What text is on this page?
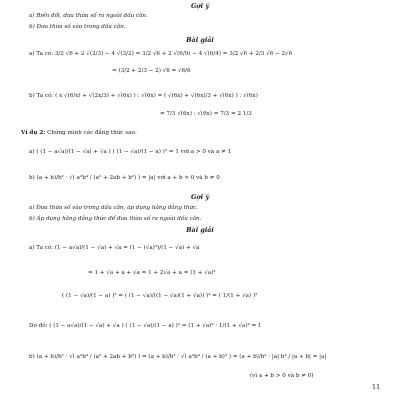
Gợi ý
a) Biến đổi, đưa thừa số ra ngoài dấu căn.
b) Đưa thừa số vào trong dấu căn.
Bài giải
a) Ta có: 3/2 √6 + 2 √(2/3) − 4 √(3/2) = 3/2 √6 + 2 √(6/9) − 4 √(6/4) = 3/2 √6 + 2/3 √6 − 2√6
= (3/2 + 2/3 − 2) √6 = √6/6
b) Ta có: ( x √(6/x) + √(2x/3) + √(6x) ) : √(6x) = ( √(6x) + √(6x)/3 + √(6x) ) : √(6x)
= 7/3 √(6x) : √(6x) = 7/3 = 2 1/3
Ví dụ 2: Chứng minh các đẳng thức sau:
a) ( (1 − a√a)/(1 − √a) + √a ) ( (1 − √a)/(1 − a) )² = 1 với a > 0 và a ≠ 1
b) (a + b)/b² · √( a²b⁴ / (a² + 2ab + b²) ) = |a| với a + b > 0 và b ≠ 0
Gợi ý
a) Đưa thừa số vào trong dấu căn, áp dụng hằng đẳng thức.
b) Áp dụng hằng đẳng thức để đưa thừa số ra ngoài dấu căn.
Bài giải
a) Ta có: (1 − a√a)/(1 − √a) + √a = (1 − (√a)³)/(1 − √a) + √a
= 1 + √a + a + √a = 1 + 2√a + a = (1 + √a)²
( (1 − √a)/(1 − a) )² = ( (1 − √a)/((1 − √a)(1 + √a)) )² = ( 1/(1 + √a) )²
Do đó: ( (1 − a√a)/(1 − √a) + √a ) ( (1 − √a)/(1 − a) )² = (1 + √a)² · 1/(1 + √a)² = 1
b) (a + b)/b² · √( a²b⁴ / (a² + 2ab + b²) ) = (a + b)/b² · √( a²b⁴ / (a + b)² ) = (a + b)/b² · |a| b² / |a + b| = |a|
(vì a + b > 0 và b ≠ 0)
11
